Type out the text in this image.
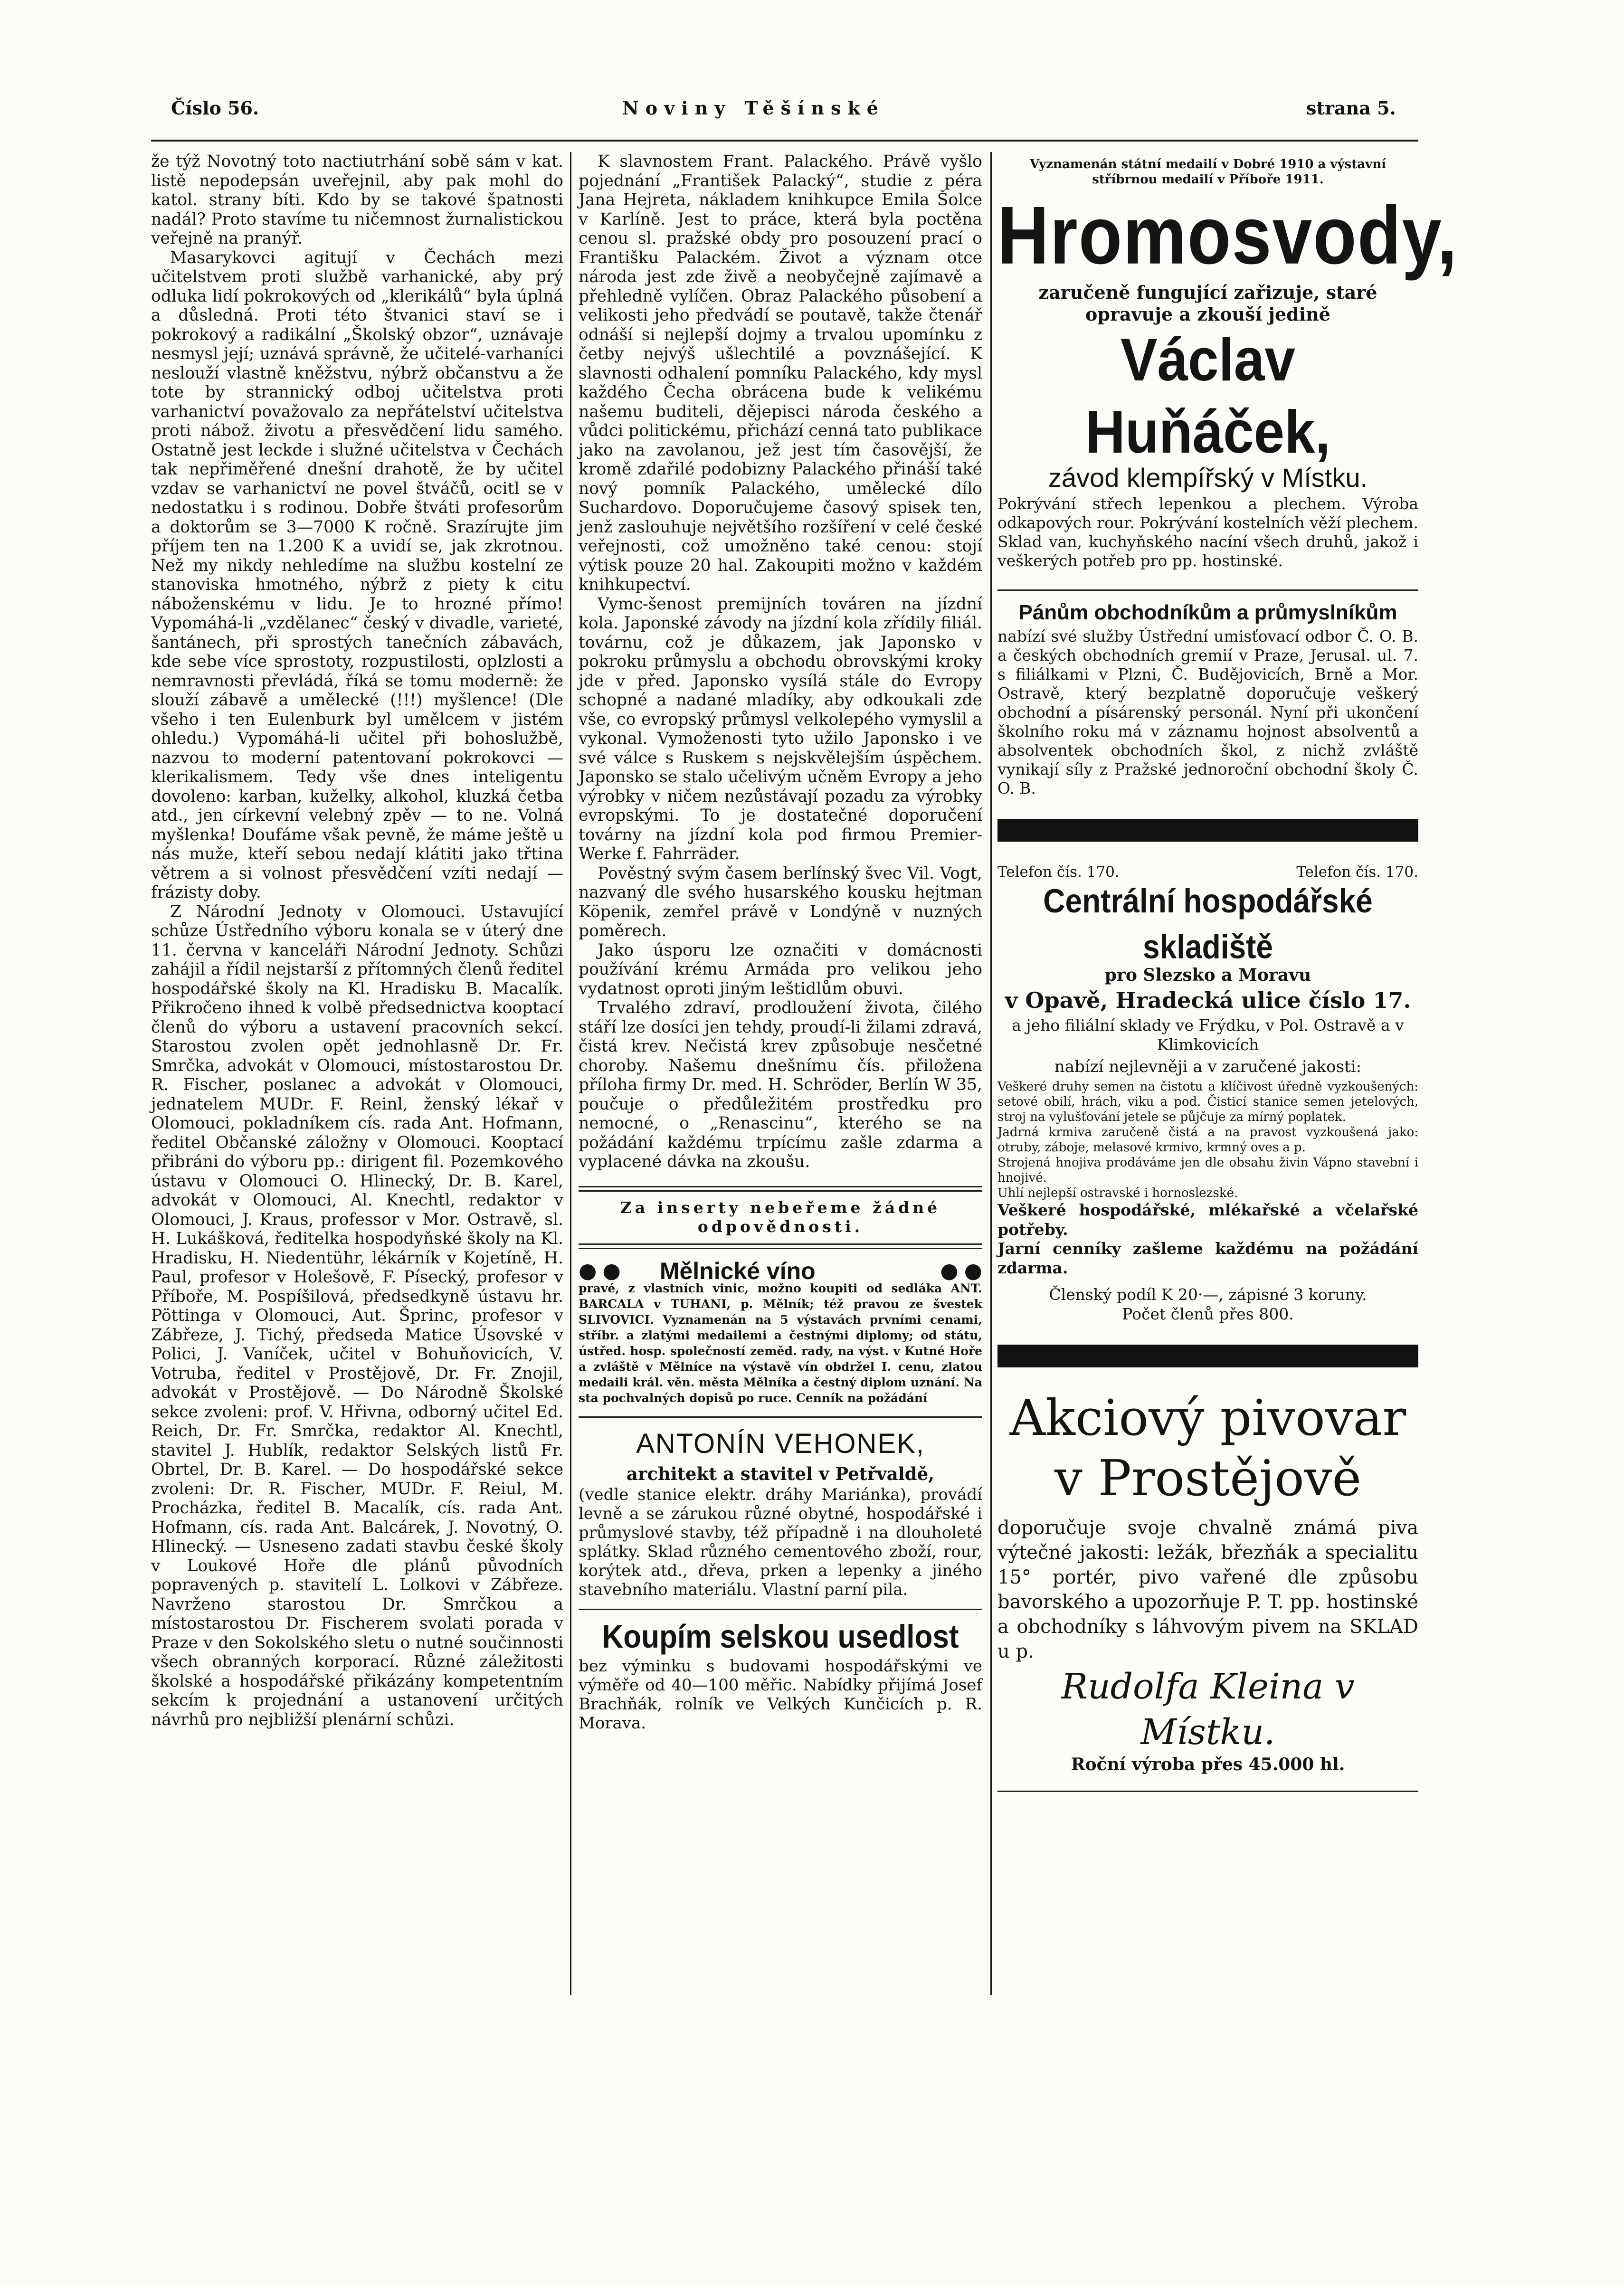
Číslo 56.	Noviny Těšínské	strana 5.

že týž Novotný toto nactiutrhání sobě sám v kat. listě nepodepsán uveřejnil, aby pak mohl do katol. strany bíti. Kdo by se takové špatnosti nadál? Proto stavíme tu ničemnost žurnalistickou veřejně na pranýř.

Masarykovci agitují v Čechách mezi učitelstvem proti službě varhanické, aby prý odluka lidí pokrokových od „klerikálů“ byla úplná a důsledná. Proti této štvanici staví se i pokrokový a radikální „Školský obzor“, uznávaje nesmysl její; uznává správně, že učitelé-varhaníci neslouží vlastně kněžstvu, nýbrž občanstvu a že tote by strannický odboj učitelstva proti varhanictví považovalo za nepřátelství učitelstva proti nábož. životu a přesvědčení lidu samého. Ostatně jest leckde i služné učitelstva v Čechách tak nepřiměřené dnešní drahotě, že by učitel vzdav se varhanictví ne povel štváčů, ocitl se v nedostatku i s rodinou. Dobře štváti profesorům a doktorům se 3—7000 K ročně. Srazírujte jim příjem ten na 1.200 K a uvidí se, jak zkrotnou. Než my nikdy nehledíme na službu kostelní ze stanoviska hmotného, nýbrž z piety k citu náboženskému v lidu. Je to hrozné přímo! Vypomáhá-li „vzdělanec“ český v divadle, varieté, šantánech, při sprostých tanečních zábavách, kde sebe více sprostoty, rozpustilosti, oplzlosti a nemravnosti převládá, říká se tomu moderně: že slouží zábavě a umělecké (!!!) myšlence! (Dle všeho i ten Eulenburk byl umělcem v jistém ohledu.) Vypomáhá-li učitel při bohoslužbě, nazvou to moderní patentovaní pokrokovci — klerikalismem. Tedy vše dnes inteligentu dovoleno: karban, kuželky, alkohol, kluzká četba atd., jen církevní velebný zpěv — to ne. Volná myšlenka! Doufáme však pevně, že máme ještě u nás muže, kteří sebou nedají klátiti jako třtina větrem a si volnost přesvědčení vzíti nedají — frázisty doby.

Z Národní Jednoty v Olomouci. Ustavující schůze Ústředního výboru konala se v úterý dne 11. června v kanceláři Národní Jednoty. Schůzi zahájil a řídil nejstarší z přítomných členů ředitel hospodářské školy na Kl. Hradisku B. Macalík. Přikročeno ihned k volbě předsednictva kooptací členů do výboru a ustavení pracovních sekcí. Starostou zvolen opět jednohlasně Dr. Fr. Smrčka, advokát v Olomouci, místostarostou Dr. R. Fischer, poslanec a advokát v Olomouci, jednatelem MUDr. F. Reinl, ženský lékař v Olomouci, pokladníkem cís. rada Ant. Hofmann, ředitel Občanské záložny v Olomouci. Kooptací přibráni do výboru pp.: dirigent fil. Pozemkového ústavu v Olomouci O. Hlinecký, Dr. B. Karel, advokát v Olomouci, Al. Knechtl, redaktor v Olomouci, J. Kraus, professor v Mor. Ostravě, sl. H. Lukášková, ředitelka hospodyňské školy na Kl. Hradisku, H. Niedentühr, lékárník v Kojetíně, H. Paul, profesor v Holešově, F. Písecký, profesor v Příboře, M. Pospíšilová, předsedkyně ústavu hr. Pöttinga v Olomouci, Aut. Šprinc, profesor v Zábřeze, J. Tichý, předseda Matice Úsovské v Polici, J. Vaníček, učitel v Bohuňovicích, V. Votruba, ředitel v Prostějově, Dr. Fr. Znojil, advokát v Prostějově. — Do Národně Školské sekce zvoleni: prof. V. Hřivna, odborný učitel Ed. Reich, Dr. Fr. Smrčka, redaktor Al. Knechtl, stavitel J. Hublík, redaktor Selských listů Fr. Obrtel, Dr. B. Karel. — Do hospodářské sekce zvoleni: Dr. R. Fischer, MUDr. F. Reiul, M. Procházka, ředitel B. Macalík, cís. rada Ant. Hofmann, cís. rada Ant. Balcárek, J. Novotný, O. Hlinecký. — Usneseno zadati stavbu české školy v Loukové Hoře dle plánů původních popravených p. stavitelí L. Lolkovi v Zábřeze. Navrženo starostou Dr. Smrčkou a místostarostou Dr. Fischerem svolati porada v Praze v den Sokolského sletu o nutné součinnosti všech obranných korporací. Různé záležitosti školské a hospodářské přikázány kompetentním sekcím k projednání a ustanovení určitých návrhů pro nejbližší plenární schůzi.

K slavnostem Frant. Palackého. Právě vyšlo pojednání „František Palacký“, studie z péra Jana Hejreta, nákladem knihkupce Emila Šolce v Karlíně. Jest to práce, která byla poctěna cenou sl. pražské obdy pro posouzení prací o Františku Palackém. Život a význam otce národa jest zde živě a neobyčejně zajímavě a přehledně vylíčen. Obraz Palackého působení a velikosti jeho předvádí se poutavě, takže čtenář odnáší si nejlepší dojmy a trvalou upomínku z četby nejvýš ušlechtilé a povznášející. K slavnosti odhalení pomníku Palackého, kdy mysl každého Čecha obrácena bude k velikému našemu buditeli, dějepisci národa českého a vůdci politickému, přichází cenná tato publikace jako na zavolanou, jež jest tím časovější, že kromě zdařilé podobizny Palackého přináší také nový pomník Palackého, umělecké dílo Suchardovo. Doporučujeme časový spisek ten, jenž zaslouhuje největšího rozšíření v celé české veřejnosti, což umožněno také cenou: stojí výtisk pouze 20 hal. Zakoupiti možno v každém knihkupectví.

Vymc-šenost premijních továren na jízdní kola. Japonské závody na jízdní kola zřídily filiál. továrnu, což je důkazem, jak Japonsko v pokroku průmyslu a obchodu obrovskými kroky jde v před. Japonsko vysílá stále do Evropy schopné a nadané mladíky, aby odkoukali zde vše, co evropský průmysl velkolepého vymyslil a vykonal. Vymoženosti tyto užilo Japonsko i ve své válce s Ruskem s nejskvělejším úspěchem. Japonsko se stalo učelivým učněm Evropy a jeho výrobky v ničem nezůstávají pozadu za výrobky evropskými. To je dostatečné doporučení továrny na jízdní kola pod firmou Premier-Werke f. Fahrräder.

Pověstný svým časem berlínský švec Vil. Vogt, nazvaný dle svého husarského kousku hejtman Köpenik, zemřel právě v Londýně v nuzných poměrech.

Jako úsporu lze označiti v domácnosti používání krému Armáda pro velikou jeho vydatnost oproti jiným leštidlům obuvi.

Trvalého zdraví, prodloužení života, čilého stáří lze dosíci jen tehdy, proudí-li žilami zdravá, čistá krev. Nečistá krev způsobuje nesčetné choroby. Našemu dnešnímu čís. přiložena příloha firmy Dr. med. H. Schröder, Berlín W 35, poučuje o předůležitém prostředku pro nemocné, o „Renascinu“, kterého se na požádání každému trpícímu zašle zdarma a vyplacené dávka na zkoušu.

Za inserty nebeřeme žádné odpovědnosti.

● ● Mělnické víno	● ●

pravé, z vlastních vinic, možno koupiti od sedláka ANT. BARCALA v TUHANI, p. Mělník; též pravou ze švestek SLIVOVICI. Vyznamenán na 5 výstavách prvními cenami, stříbr. a zlatými medailemi a čestnými diplomy; od státu, ústřed. hosp. společností zeměd. rady, na výst. v Kutné Hoře a zvláště v Mělníce na výstavě vín obdržel I. cenu, zlatou medaili král. věn. města Mělníka a čestný diplom uznání. Na sta pochvalných dopisů po ruce. Cenník na požádání

ANTONÍN VEHONEK,

architekt a stavitel v Petřvaldě,

(vedle stanice elektr. dráhy Mariánka), provádí levně a se zárukou různé obytné, hospodářské i průmyslové stavby, též případně i na dlouholeté splátky. Sklad různého cementového zboží, rour, korýtek atd., dřeva, prken a lepenky a jiného stavebního materiálu. Vlastní parní pila.

Koupím selskou usedlost

bez výminku s budovami hospodářskými ve výměře od 40—100 měřic. Nabídky přijímá Josef Brachňák, rolník ve Velkých Kunčicích p. R. Morava.

Vyznamenán státní medailí v Dobré 1910 a výstavní stříbrnou medailí v Příboře 1911.

Hromosvody,

zaručeně fungující zařizuje, staré

opravuje a zkouší jedině

Václav Huňáček,

závod klempířský v Místku.

Pokrývání střech lepenkou a plechem. Výroba odkapových rour. Pokrývání kostelních věží plechem. Sklad van, kuchyňského nacíní všech druhů, jakož i veškerých potřeb pro pp. hostinské.

Pánům obchodníkům a průmyslníkům

nabízí své služby Ústřední umisťovací odbor Č. O. B. a českých obchodních gremií v Praze, Jerusal. ul. 7. s filiálkami v Plzni, Č. Budějovicích, Brně a Mor. Ostravě, který bezplatně doporučuje veškerý obchodní a písárenský personál. Nyní při ukončení školního roku má v záznamu hojnost absolventů a absolventek obchodních škol, z nichž zvláště vynikají síly z Pražské jednoroční obchodní školy Č. O. B.

Telefon čís. 170.	Telefon čís. 170.

Centrální hospodářské skladiště

pro Slezsko a Moravu

v Opavě, Hradecká ulice číslo 17.

a jeho filiální sklady ve Frýdku, v Pol. Ostravě a v Klimkovicích

nabízí nejlevněji a v zaručené jakosti:

Veškeré druhy semen na čistotu a klíčivost úředně vyzkoušených: setové obilí, hrách, viku a pod. Čisticí stanice semen jetelových, stroj na vylušťování jetele se půjčuje za mírný poplatek.

Jadrná krmiva zaručeně čistá a na pravost vyzkoušená jako: otruby, záboje, melasové krmivo, krmný oves a p.

Strojená hnojiva prodáváme jen dle obsahu živin Vápno stavební i hnojivé.

Uhlí nejlepší ostravské i hornoslezské.

Veškeré hospodářské, mlékařské a včelařské potřeby.

Jarní cenníky zašleme každému na požádání zdarma.

Členský podíl K 20·—, zápisné 3 koruny.

Počet členů přes 800.

Akciový pivovar

v Prostějově

doporučuje svoje chvalně známá piva výtečné jakosti: ležák, březňák a specialitu 15° portér, pivo vařené dle způsobu bavorského a upozorňuje P. T. pp. hostinské a obchodníky s láhvovým pivem na SKLAD u p.

Rudolfa Kleina v Místku.

Roční výroba přes 45.000 hl.
